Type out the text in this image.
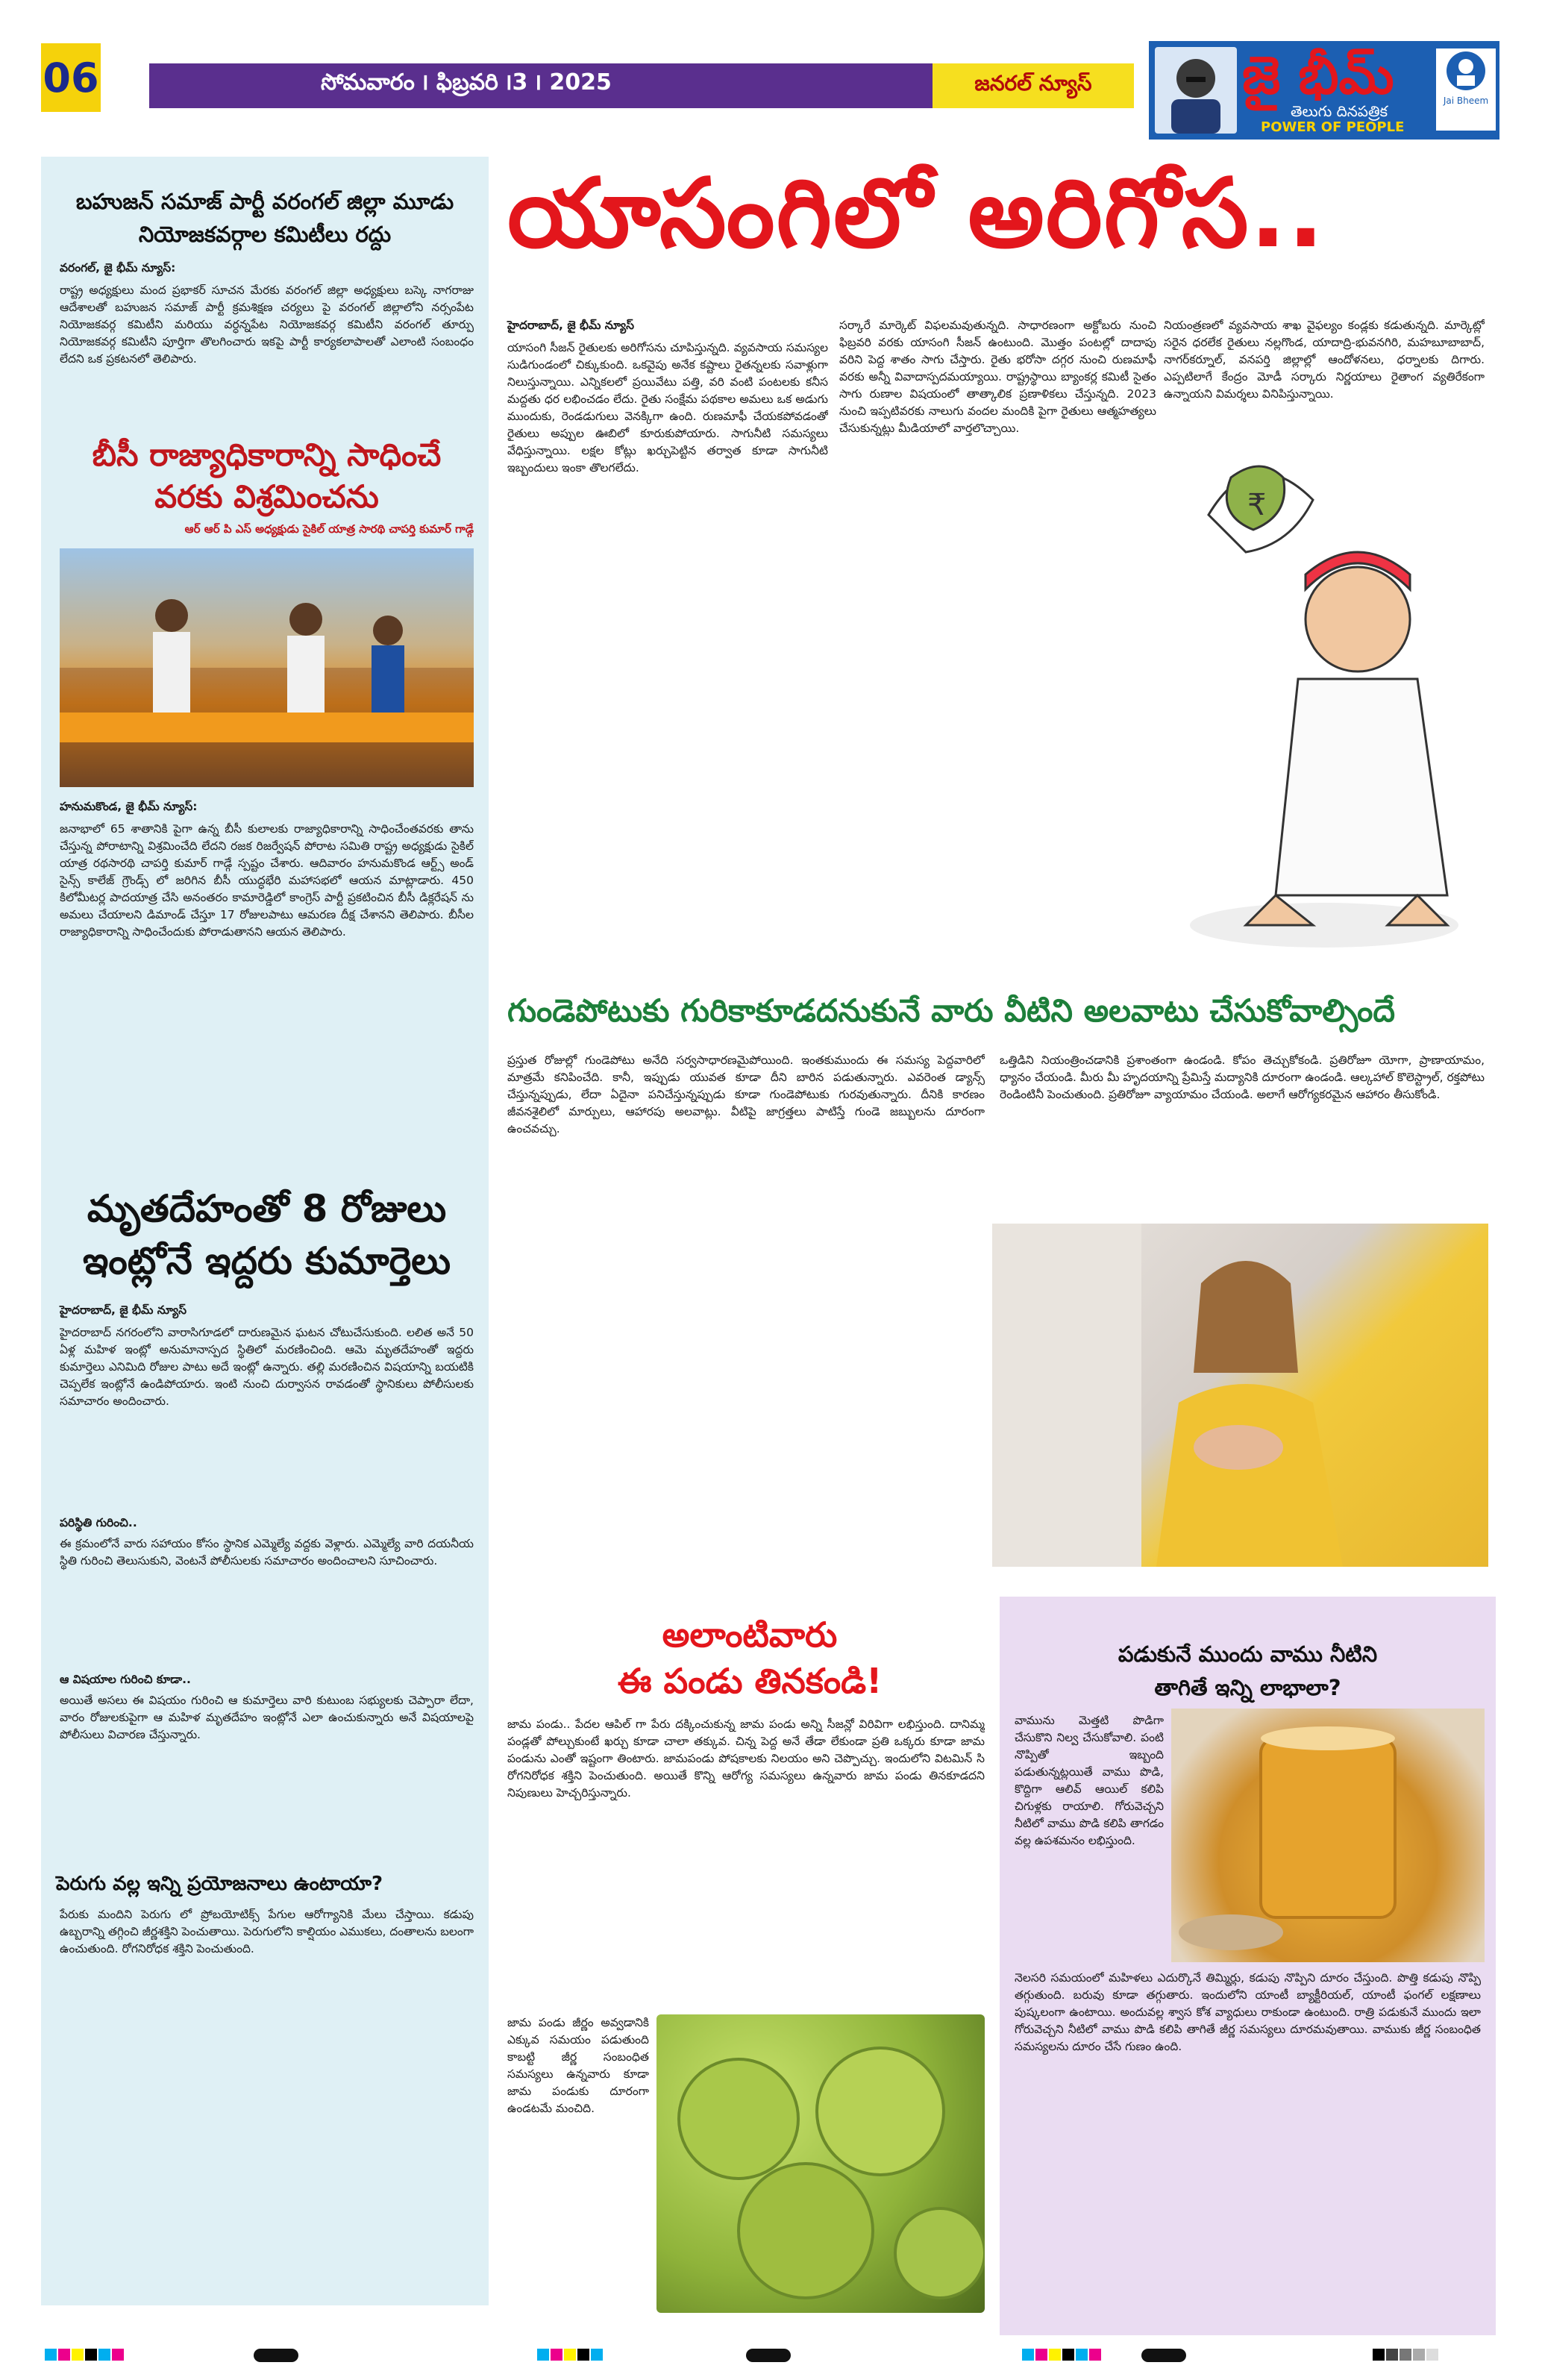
06	సోమవారం ౹ ఫిబ్రవరి ౹3 ౹ 2025	జనరల్ న్యూస్	జై భీమ్
తెలుగు దినపత్రిక
POWER OF PEOPLE
Jai Bheem
బహుజన్ సమాజ్ పార్టీ వరంగల్ జిల్లా మూడు నియోజకవర్గాల కమిటీలు రద్దు
వరంగల్, జై భీమ్ న్యూస్:
రాష్ట్ర అధ్యక్షులు మంద ప్రభాకర్ సూచన మేరకు వరంగల్ జిల్లా అధ్యక్షులు బస్కె నాగరాజు ఆదేశాలతో బహుజన సమాజ్ పార్టీ క్రమశిక్షణ చర్యలు పై వరంగల్ జిల్లాలోని నర్సంపేట నియోజకవర్గ కమిటీని మరియు వర్ధన్నపేట నియోజకవర్గ కమిటీని వరంగల్ తూర్పు నియోజకవర్గ కమిటీని పూర్తిగా తొలగించారు ఇకపై పార్టీ కార్యకలాపాలతో ఎలాంటి సంబంధం లేదని ఒక ప్రకటనలో తెలిపారు.
బీసీ రాజ్యాధికారాన్ని సాధించే
వరకు విశ్రమించను
ఆర్ ఆర్ పి ఎస్ అధ్యక్షుడు సైకిల్ యాత్ర సారథి చాపర్తి కుమార్ గాడ్గే
హనుమకొండ, జై భీమ్ న్యూస్:
జనాభాలో 65 శాతానికి పైగా ఉన్న బీసీ కులాలకు రాజ్యాధికారాన్ని సాధించేంతవరకు తాను చేస్తున్న పోరాటాన్ని విశ్రమించేది లేదని రజక రిజర్వేషన్ పోరాట సమితి రాష్ట్ర అధ్యక్షుడు సైకిల్ యాత్ర రథసారథి చాపర్తి కుమార్ గాడ్గే స్పష్టం చేశారు. ఆదివారం హనుమకొండ ఆర్ట్స్ అండ్ సైన్స్ కాలేజ్ గ్రౌండ్స్ లో జరిగిన బీసీ యుద్ధభేరి మహాసభలో ఆయన మాట్లాడారు. 450 కిలోమీటర్ల పాదయాత్ర చేసి అనంతరం కామారెడ్డిలో కాంగ్రెస్ పార్టీ ప్రకటించిన బీసీ డిక్లరేషన్ ను అమలు చేయాలని డిమాండ్ చేస్తూ 17 రోజులపాటు ఆమరణ దీక్ష చేశానని తెలిపారు. బీసీల రాజ్యాధికారాన్ని సాధించేందుకు పోరాడుతానని ఆయన తెలిపారు.
మృతదేహంతో 8 రోజులు
ఇంట్లోనే ఇద్దరు కుమార్తెలు
హైదరాబాద్, జై భీమ్ న్యూస్
హైదరాబాద్ నగరంలోని వారాసిగూడలో దారుణమైన ఘటన చోటుచేసుకుంది. లలిత అనే 50 ఏళ్ల మహిళ ఇంట్లో అనుమానాస్పద స్థితిలో మరణించింది. ఆమె మృతదేహంతో ఇద్దరు కుమార్తెలు ఎనిమిది రోజుల పాటు అదే ఇంట్లో ఉన్నారు. తల్లి మరణించిన విషయాన్ని బయటికి చెప్పలేక ఇంట్లోనే ఉండిపోయారు. ఇంటి నుంచి దుర్వాసన రావడంతో స్థానికులు పోలీసులకు సమాచారం అందించారు.
పరిస్థితి గురించి..
ఈ క్రమంలోనే వారు సహాయం కోసం స్థానిక ఎమ్మెల్యే వద్దకు వెళ్లారు. ఎమ్మెల్యే వారి దయనీయ స్థితి గురించి తెలుసుకుని, వెంటనే పోలీసులకు సమాచారం అందించాలని సూచించారు.
ఆ విషయాల గురించి కూడా..
అయితే అసలు ఈ విషయం గురించి ఆ కుమార్తెలు వారి కుటుంబ సభ్యులకు చెప్పారా లేదా, వారం రోజులకుపైగా ఆ మహిళ మృతదేహం ఇంట్లోనే ఎలా ఉంచుకున్నారు అనే విషయాలపై పోలీసులు విచారణ చేస్తున్నారు.
పెరుగు వల్ల ఇన్ని ప్రయోజనాలు ఉంటాయా?
పేరుకు మందిని పెరుగు లో ప్రోబయోటిక్స్ పేగుల ఆరోగ్యానికి మేలు చేస్తాయి. కడుపు ఉబ్బరాన్ని తగ్గించి జీర్ణశక్తిని పెంచుతాయి. పెరుగులోని కాల్షియం ఎముకలు, దంతాలను బలంగా ఉంచుతుంది. రోగనిరోధక శక్తిని పెంచుతుంది.
యాసంగిలో అరిగోస..
హైదరాబాద్, జై భీమ్ న్యూస్
యాసంగి సీజన్ రైతులకు అరిగోసను చూపిస్తున్నది. వ్యవసాయ సమస్యల సుడిగుండంలో చిక్కుకుంది. ఒకవైపు అనేక కష్టాలు రైతన్నలకు సవాళ్లుగా నిలుస్తున్నాయి. ఎన్నికలలో ప్రయివేటు పత్తి, వరి వంటి పంటలకు కనీస మద్దతు ధర లభించడం లేదు. రైతు సంక్షేమ పథకాల అమలు ఒక అడుగు ముందుకు, రెండడుగులు వెనక్కిగా ఉంది. రుణమాఫీ చేయకపోవడంతో రైతులు అప్పుల ఊబిలో కూరుకుపోయారు. సాగునీటి సమస్యలు వేధిస్తున్నాయి. లక్షల కోట్లు ఖర్చుపెట్టిన తర్వాత కూడా సాగునీటి ఇబ్బందులు ఇంకా తొలగలేదు.
సర్కారే మార్కెట్ విఫలమవుతున్నది. సాధారణంగా అక్టోబరు నుంచి ఫిబ్రవరి వరకు యాసంగి సీజన్ ఉంటుంది. మొత్తం పంటల్లో దాదాపు వరిని పెద్ద శాతం సాగు చేస్తారు. రైతు భరోసా దగ్గర నుంచి రుణమాఫీ వరకు అన్నీ వివాదాస్పదమయ్యాయి. రాష్ట్రస్థాయి బ్యాంకర్ల కమిటీ సైతం సాగు రుణాల విషయంలో తాత్కాలిక ప్రణాళికలు చేస్తున్నది. 2023 నుంచి ఇప్పటివరకు నాలుగు వందల మందికి పైగా రైతులు ఆత్మహత్యలు చేసుకున్నట్లు మీడియాలో వార్తలొచ్చాయి.
నియంత్రణలో వ్యవసాయ శాఖ వైఫల్యం కండ్లకు కడుతున్నది. మార్కెట్లో సరైన ధరలేక రైతులు నల్లగొండ, యాదాద్రి-భువనగిరి, మహబూబాబాద్, నాగర్‌కర్నూల్, వనపర్తి జిల్లాల్లో ఆందోళనలు, ధర్నాలకు దిగారు. ఎప్పటిలాగే కేంద్రం మోడీ సర్కారు నిర్ణయాలు రైతాంగ వ్యతిరేకంగా ఉన్నాయని విమర్శలు వినిపిస్తున్నాయి.
₹
గుండెపోటుకు గురికాకూడదనుకునే వారు వీటిని అలవాటు చేసుకోవాల్సిందే
ప్రస్తుత రోజుల్లో గుండెపోటు అనేది సర్వసాధారణమైపోయింది. ఇంతకుముందు ఈ సమస్య పెద్దవారిలో మాత్రమే కనిపించేది. కానీ, ఇప్పుడు యువత కూడా దీని బారిన పడుతున్నారు. ఎవరెంత డ్యాన్స్ చేస్తున్నప్పుడు, లేదా ఏదైనా పనిచేస్తున్నప్పుడు కూడా గుండెపోటుకు గురవుతున్నారు. దీనికి కారణం జీవనశైలిలో మార్పులు, ఆహారపు అలవాట్లు. వీటిపై జాగ్రత్తలు పాటిస్తే గుండె జబ్బులను దూరంగా ఉంచవచ్చు.
ఒత్తిడిని నియంత్రించడానికి ప్రశాంతంగా ఉండండి. కోపం తెచ్చుకోకండి. ప్రతిరోజూ యోగా, ప్రాణాయామం, ధ్యానం చేయండి. మీరు మీ హృదయాన్ని ప్రేమిస్తే మద్యానికి దూరంగా ఉండండి. ఆల్కహాల్ కొలెస్ట్రాల్, రక్తపోటు రెండింటినీ పెంచుతుంది. ప్రతిరోజూ వ్యాయామం చేయండి. అలాగే ఆరోగ్యకరమైన ఆహారం తీసుకోండి.
అలాంటివారు
ఈ పండు తినకండి!
జామ పండు.. పేదల ఆపిల్ గా పేరు దక్కించుకున్న జామ పండు అన్ని సీజన్లో విరివిగా లభిస్తుంది. దానిమ్మ పండ్లతో పోల్చుకుంటే ఖర్చు కూడా చాలా తక్కువ. చిన్న పెద్ద అనే తేడా లేకుండా ప్రతి ఒక్కరు కూడా జామ పండును ఎంతో ఇష్టంగా తింటారు. జామపండు పోషకాలకు నిలయం అని చెప్పొచ్చు. ఇందులోని విటమిన్ సి రోగనిరోధక శక్తిని పెంచుతుంది. అయితే కొన్ని ఆరోగ్య సమస్యలు ఉన్నవారు జామ పండు తినకూడదని నిపుణులు హెచ్చరిస్తున్నారు.
జామ పండు జీర్ణం అవ్వడానికి ఎక్కువ సమయం పడుతుంది కాబట్టి జీర్ణ సంబంధిత సమస్యలు ఉన్నవారు కూడా జామ పండుకు దూరంగా ఉండటమే మంచిది.
పడుకునే ముందు వాము నీటిని
తాగితే ఇన్ని లాభాలా?
వామును మెత్తటి పొడిగా చేసుకొని నిల్వ చేసుకోవాలి. పంటి నొప్పితో ఇబ్బంది పడుతున్నట్లయితే వాము పొడి, కొద్దిగా ఆలివ్ ఆయిల్ కలిపి చిగుళ్లకు రాయాలి. గోరువెచ్చని నీటిలో వాము పొడి కలిపి తాగడం వల్ల ఉపశమనం లభిస్తుంది.
నెలసరి సమయంలో మహిళలు ఎదుర్కొనే తిమ్మిర్లు, కడుపు నొప్పిని దూరం చేస్తుంది. పొత్తి కడుపు నొప్పి తగ్గుతుంది. బరువు కూడా తగ్గుతారు. ఇందులోని యాంటీ బ్యాక్టీరియల్, యాంటీ ఫంగల్ లక్షణాలు పుష్కలంగా ఉంటాయి. అందువల్ల శ్వాస కోశ వ్యాధులు రాకుండా ఉంటుంది. రాత్రి పడుకునే ముందు ఇలా గోరువెచ్చని నీటిలో వాము పొడి కలిపి తాగితే జీర్ణ సమస్యలు దూరమవుతాయి. వాముకు జీర్ణ సంబంధిత సమస్యలను దూరం చేసే గుణం ఉంది.
